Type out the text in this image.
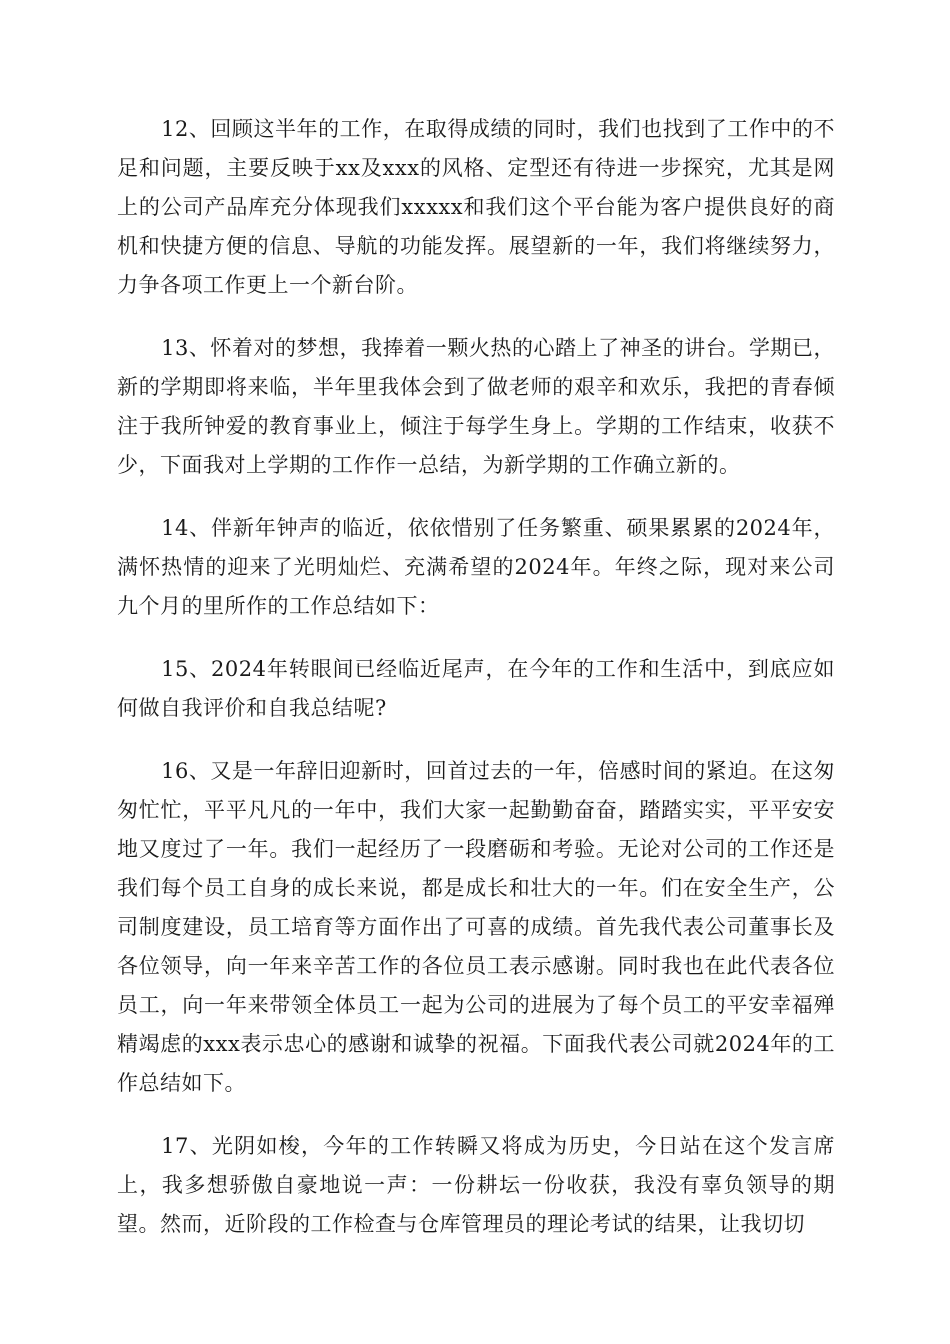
12、回顾这半年的工作，在取得成绩的同时，我们也找到了工作中的不足和问题，主要反映于xx及xxx的风格、定型还有待进一步探究，尤其是网上的公司产品库充分体现我们xxxxx和我们这个平台能为客户提供良好的商机和快捷方便的信息、导航的功能发挥。展望新的一年，我们将继续努力，力争各项工作更上一个新台阶。

13、怀着对的梦想，我捧着一颗火热的心踏上了神圣的讲台。学期已，新的学期即将来临，半年里我体会到了做老师的艰辛和欢乐，我把的青春倾注于我所钟爱的教育事业上，倾注于每学生身上。学期的工作结束，收获不少，下面我对上学期的工作作一总结，为新学期的工作确立新的。

14、伴新年钟声的临近，依依惜别了任务繁重、硕果累累的2024年，满怀热情的迎来了光明灿烂、充满希望的2024年。年终之际，现对来公司九个月的里所作的工作总结如下：

15、2024年转眼间已经临近尾声，在今年的工作和生活中，到底应如何做自我评价和自我总结呢?

16、又是一年辞旧迎新时，回首过去的一年，倍感时间的紧迫。在这匆匆忙忙，平平凡凡的一年中，我们大家一起勤勤奋奋，踏踏实实，平平安安地又度过了一年。我们一起经历了一段磨砺和考验。无论对公司的工作还是我们每个员工自身的成长来说，都是成长和壮大的一年。们在安全生产，公司制度建设，员工培育等方面作出了可喜的成绩。首先我代表公司董事长及各位领导，向一年来辛苦工作的各位员工表示感谢。同时我也在此代表各位员工，向一年来带领全体员工一起为公司的进展为了每个员工的平安幸福殚精竭虑的xxx表示忠心的感谢和诚挚的祝福。下面我代表公司就2024年的工作总结如下。

17、光阴如梭，今年的工作转瞬又将成为历史，今日站在这个发言席上，我多想骄傲自豪地说一声：一份耕坛一份收获，我没有辜负领导的期望。然而，近阶段的工作检查与仓库管理员的理论考试的结果，让我切切
